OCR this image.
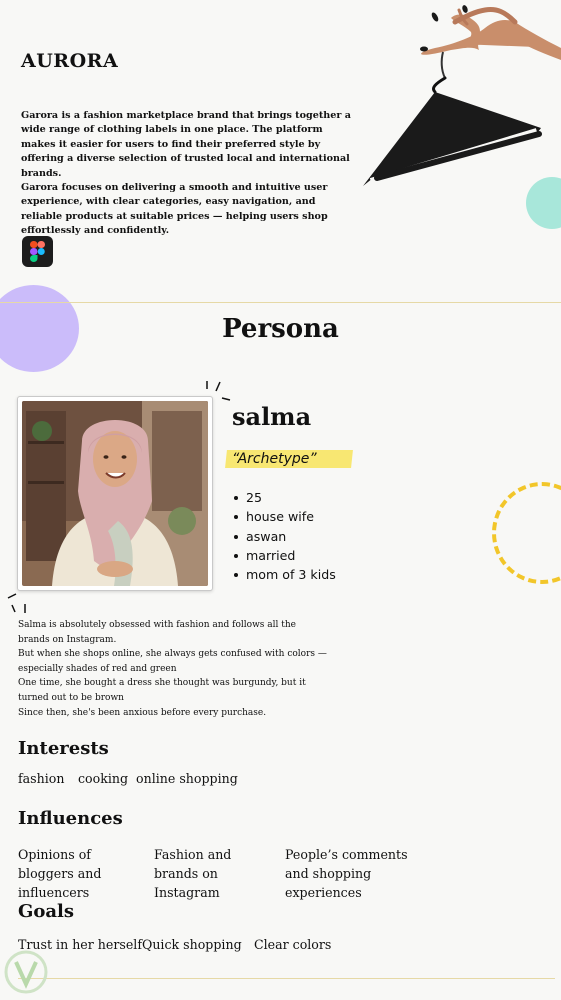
AURORA

Garora is a fashion marketplace brand that brings together a wide range of clothing labels in one place. The platform makes it easier for users to find their preferred style by offering a diverse selection of trusted local and international brands.

Garora focuses on delivering a smooth and intuitive user experience, with clear categories, easy navigation, and reliable products at suitable prices — helping users shop effortlessly and confidently.

Persona
salma
“Archetype”
25
house wife
aswan
married
mom of 3 kids

Salma is absolutely obsessed with fashion and follows all the brands on Instagram.

But when she shops online, she always gets confused with colors — especially shades of red and green

One time, she bought a dress she thought was burgundy, but it turned out to be brown

Since then, she's been anxious before every purchase.

Interests
fashion cooking online shopping
Influences
Opinions of bloggers and influencers
Fashion and brands on Instagram
People’s comments and shopping experiences
Goals
Trust in her herself Quick shopping Clear colors
